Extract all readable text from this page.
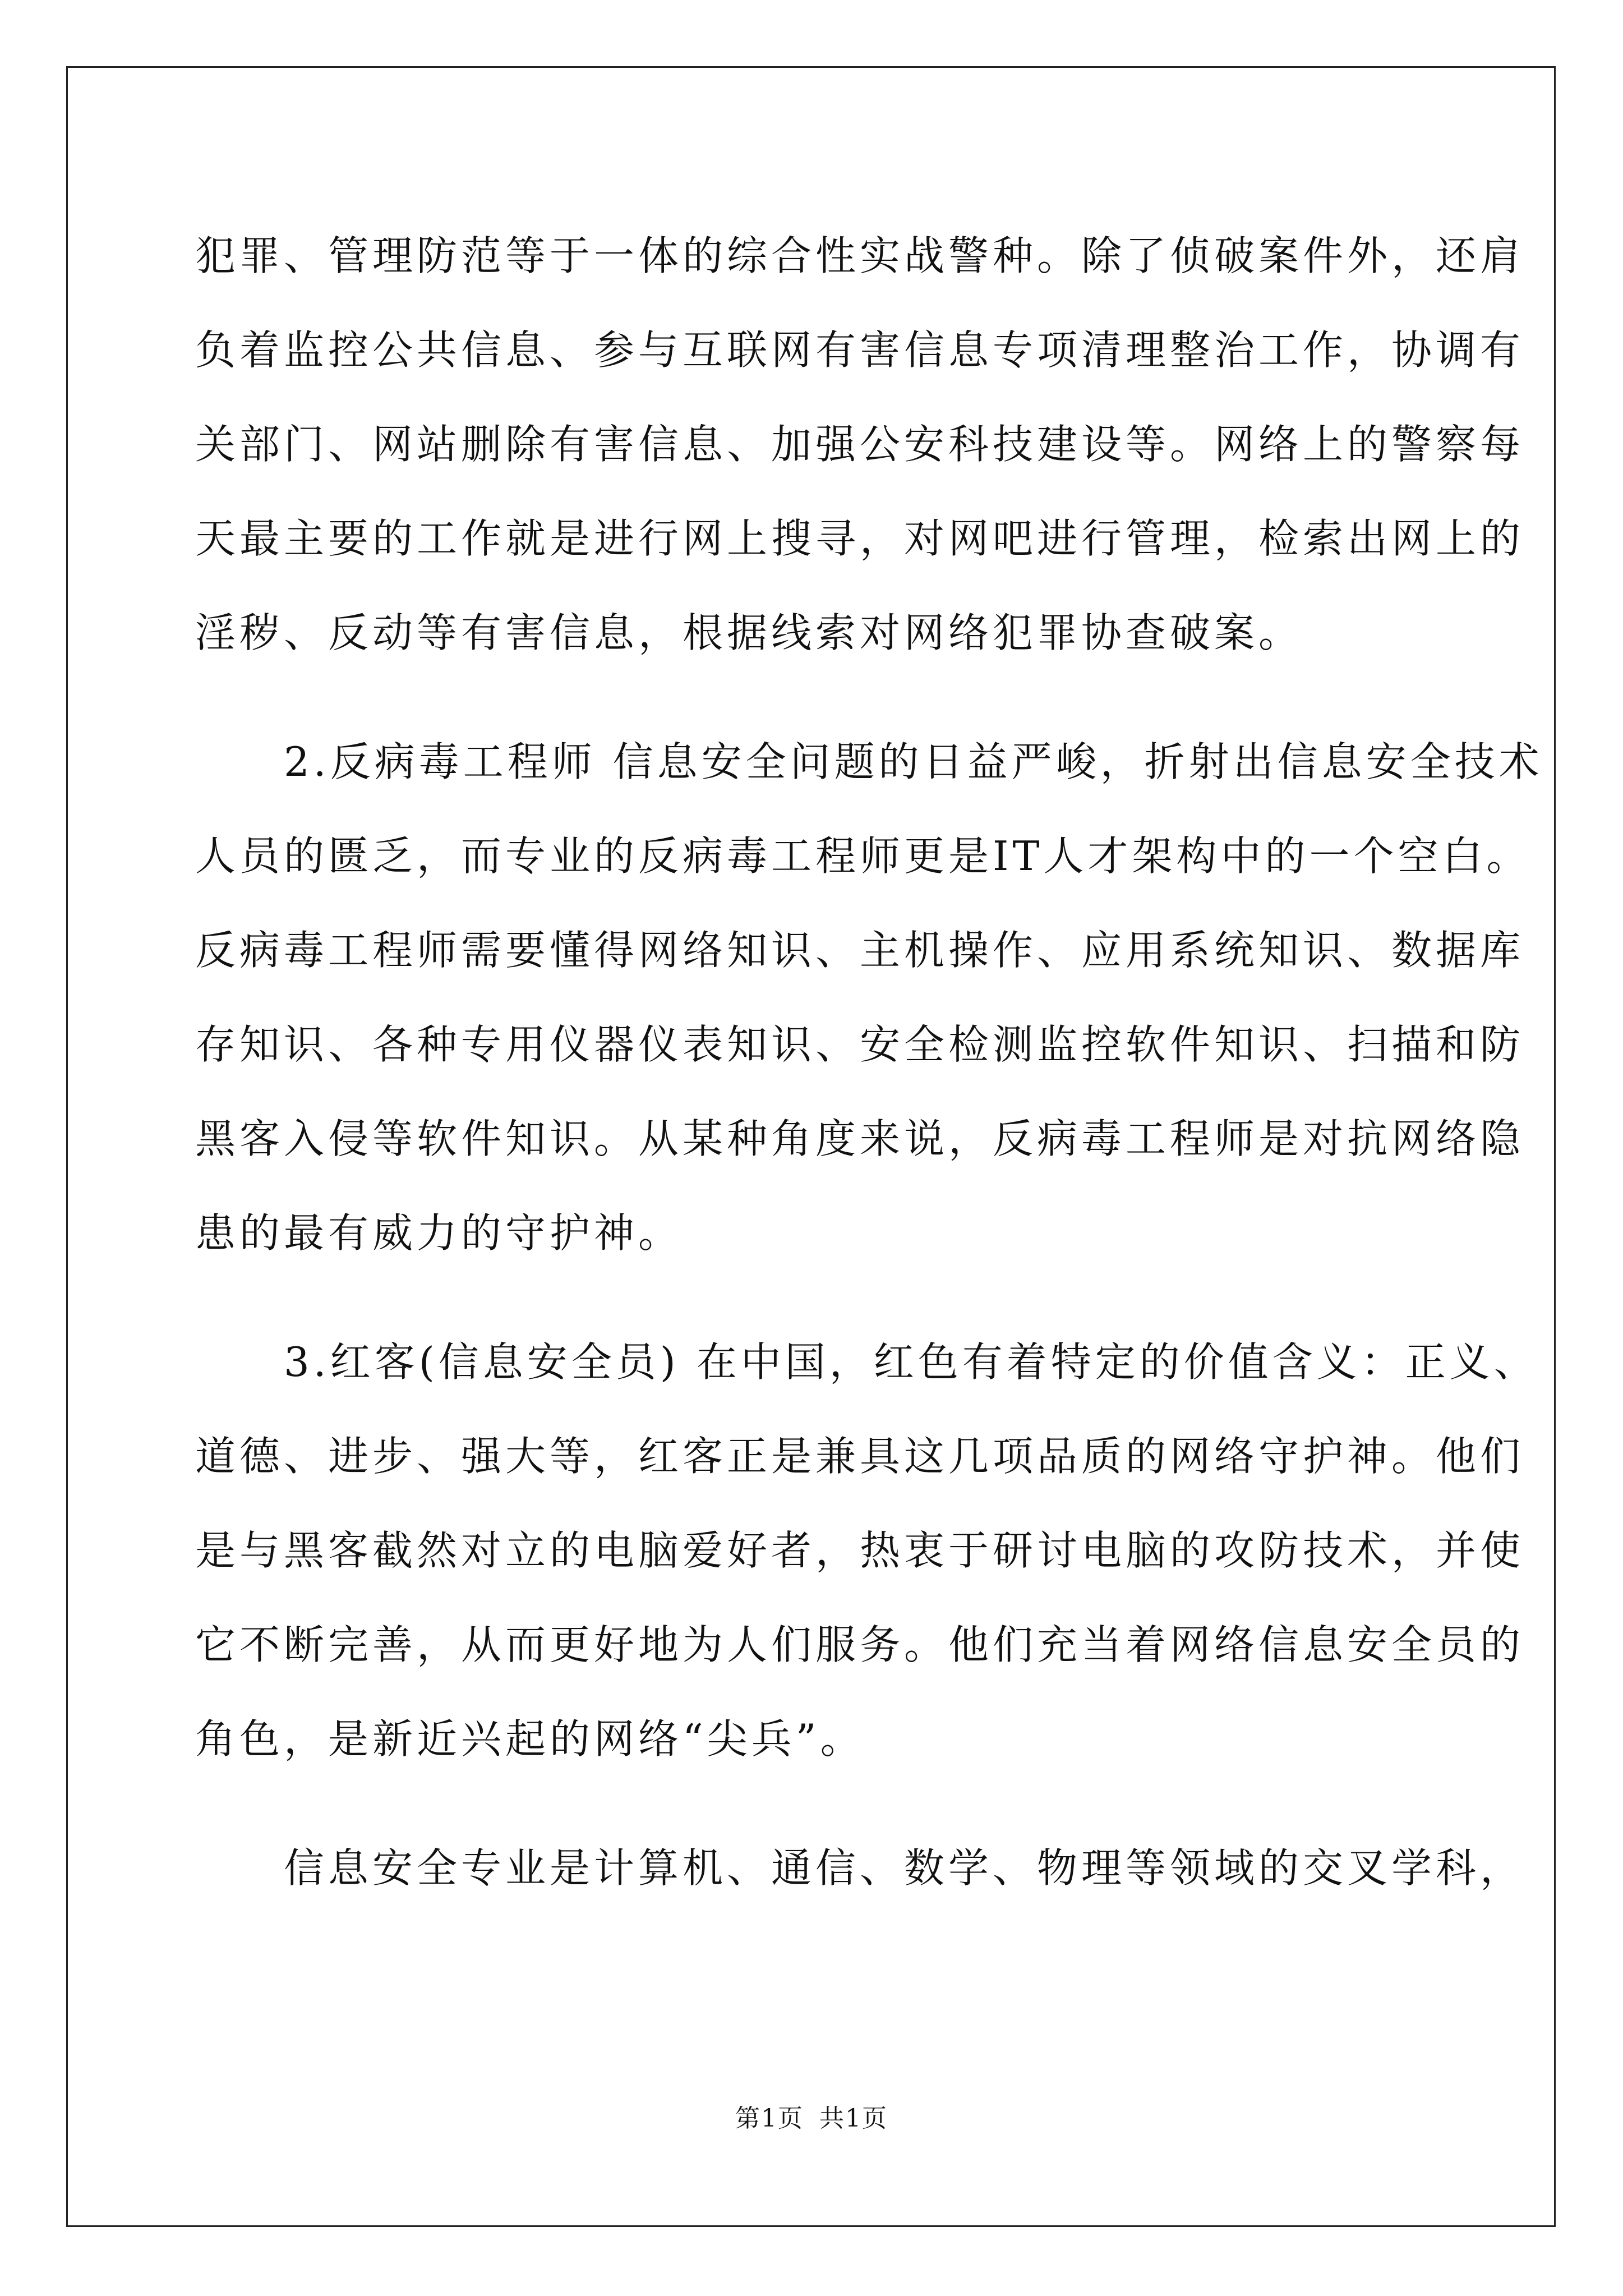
犯罪、管理防范等于一体的综合性实战警种。除了侦破案件外，还肩
负着监控公共信息、参与互联网有害信息专项清理整治工作，协调有
关部门、网站删除有害信息、加强公安科技建设等。网络上的警察每
天最主要的工作就是进行网上搜寻，对网吧进行管理，检索出网上的
淫秽、反动等有害信息，根据线索对网络犯罪协查破案。
　　2.反病毒工程师 信息安全问题的日益严峻，折射出信息安全技术
人员的匮乏，而专业的反病毒工程师更是IT人才架构中的一个空白。
反病毒工程师需要懂得网络知识、主机操作、应用系统知识、数据库
存知识、各种专用仪器仪表知识、安全检测监控软件知识、扫描和防
黑客入侵等软件知识。从某种角度来说，反病毒工程师是对抗网络隐
患的最有威力的守护神。
　　3.红客(信息安全员) 在中国，红色有着特定的价值含义：正义、
道德、进步、强大等，红客正是兼具这几项品质的网络守护神。他们
是与黑客截然对立的电脑爱好者，热衷于研讨电脑的攻防技术，并使
它不断完善，从而更好地为人们服务。他们充当着网络信息安全员的
角色，是新近兴起的网络“尖兵”。
　　信息安全专业是计算机、通信、数学、物理等领域的交叉学科，
第1页 共1页
